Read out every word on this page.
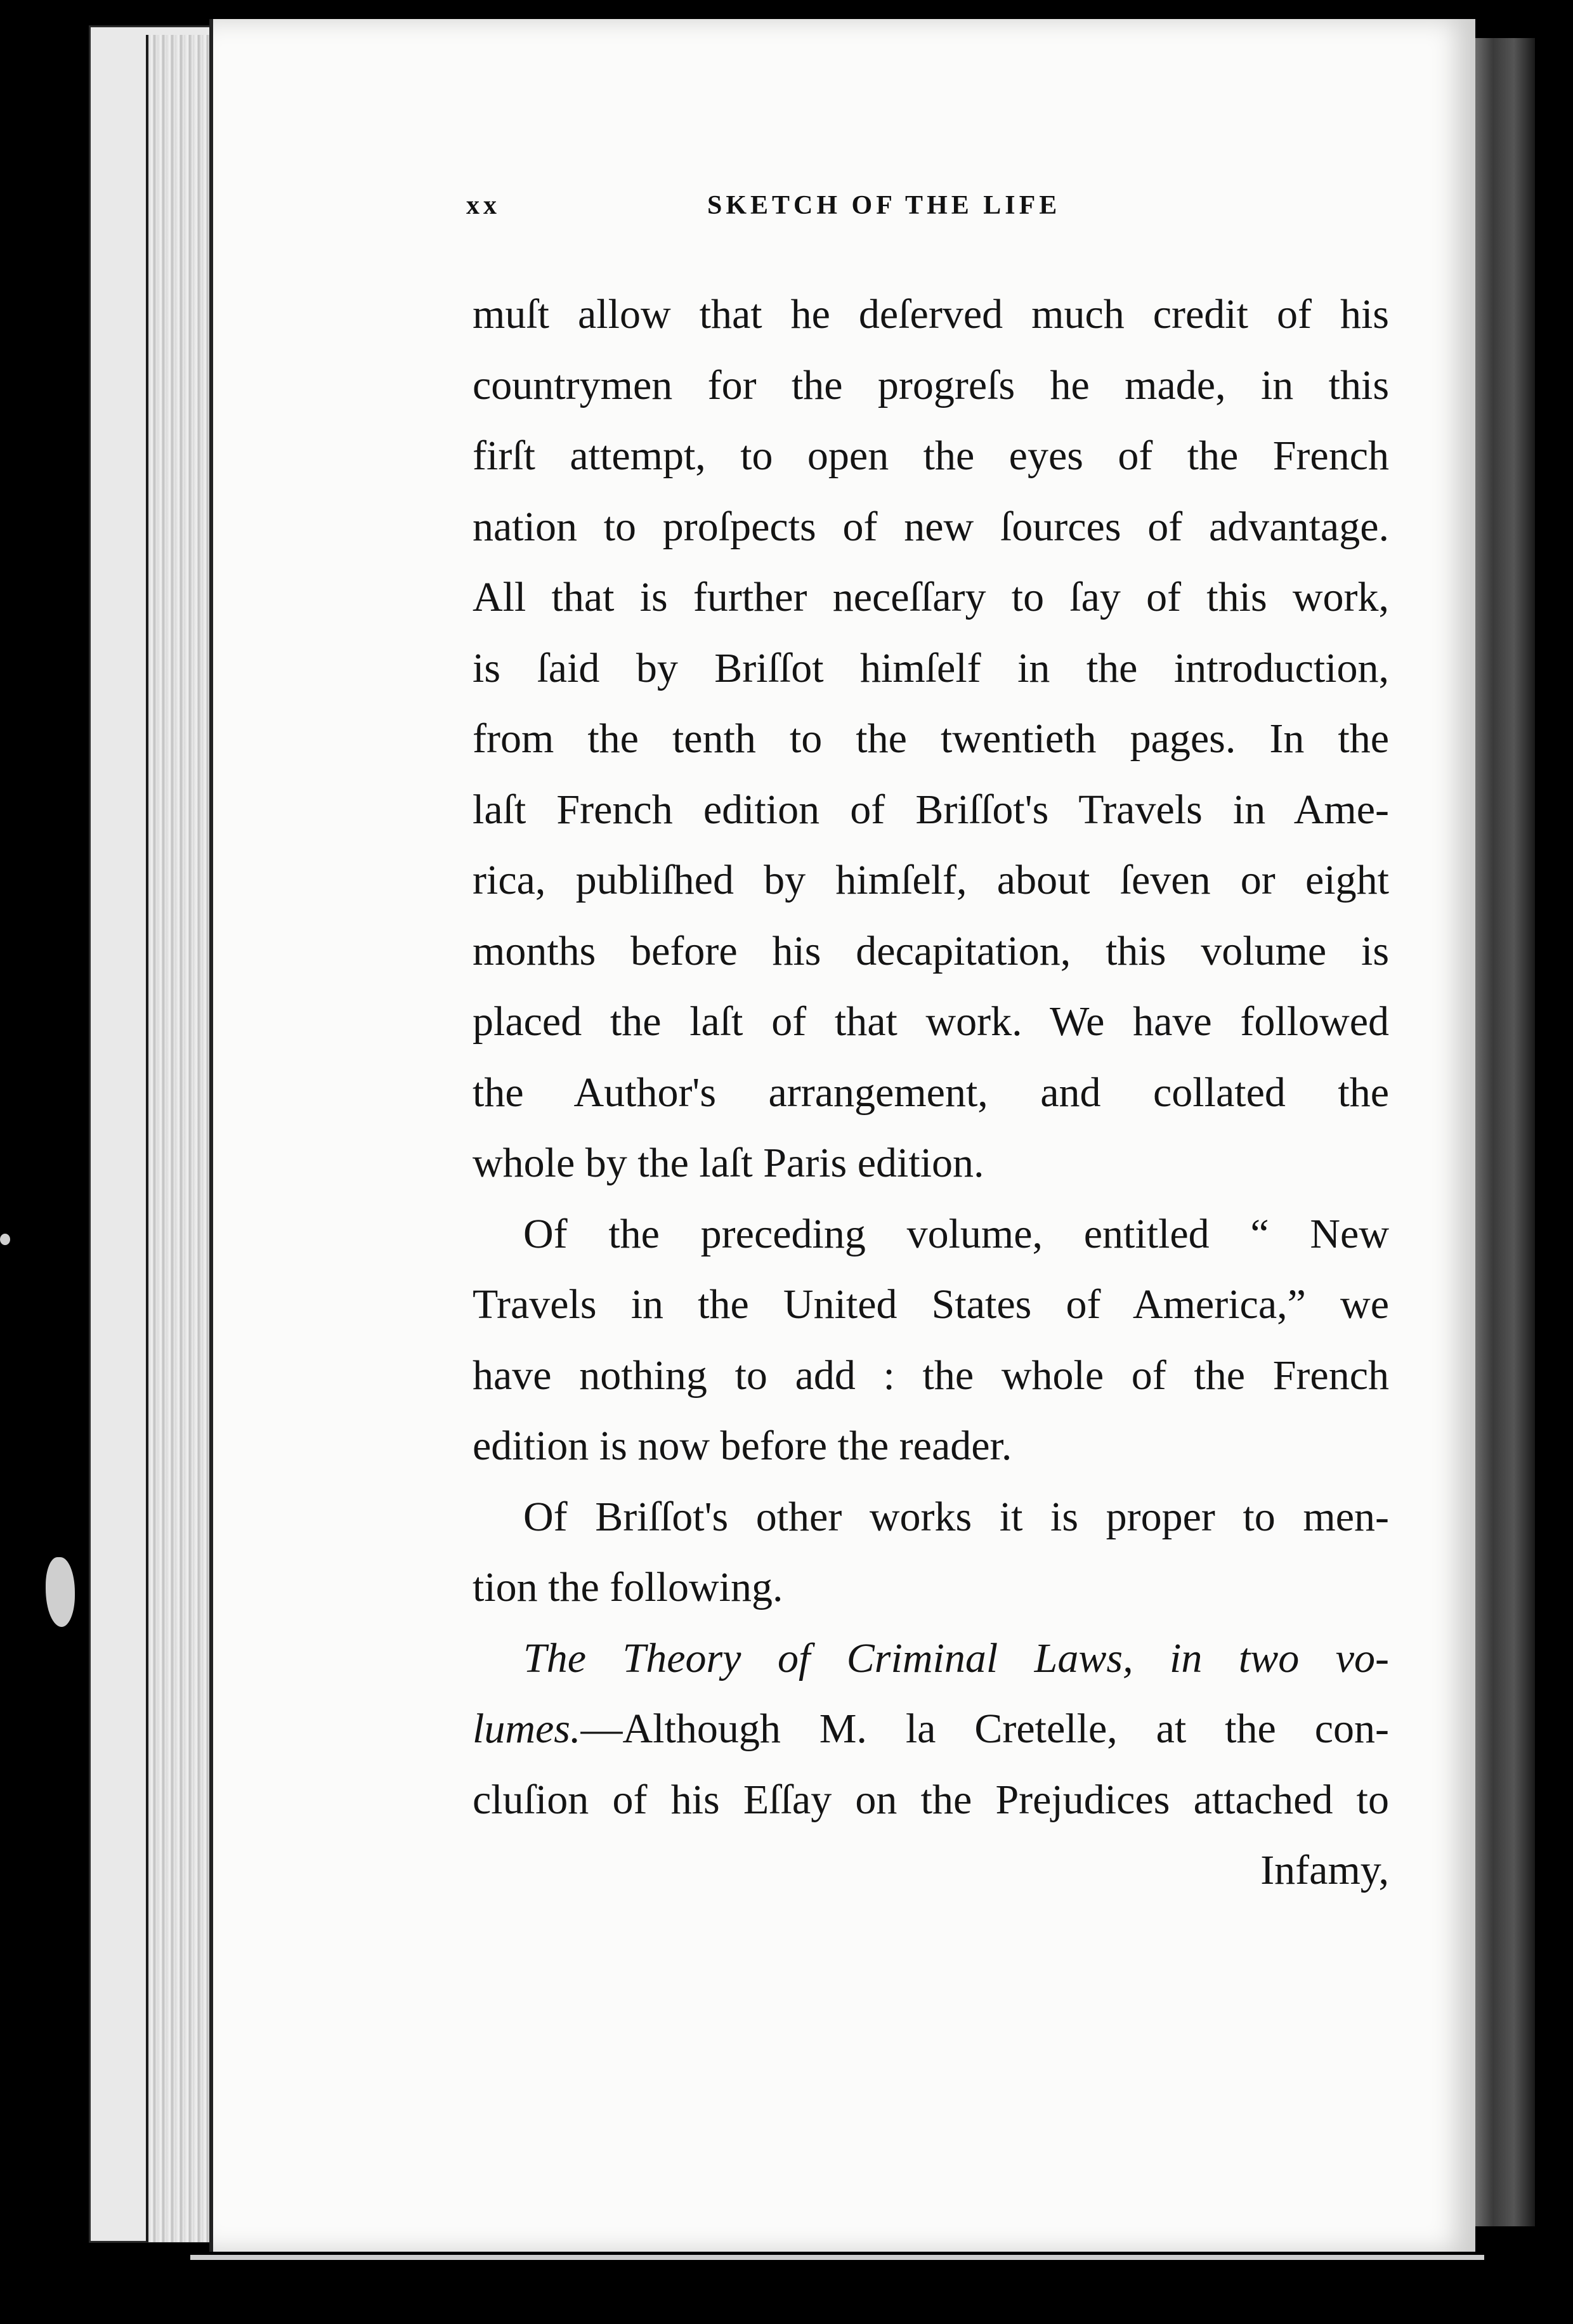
xx	SKETCH OF THE LIFE
muſt allow that he deſerved much credit of his
countrymen for the progreſs he made, in this
firſt attempt, to open the eyes of the French
nation to proſpects of new ſources of advantage.
All that is further neceſſary to ſay of this work,
is ſaid by Briſſot himſelf in the introduction,
from the tenth to the twentieth pages. In the
laſt French edition of Briſſot's Travels in Ame-
rica, publiſhed by himſelf, about ſeven or eight
months before his decapitation, this volume is
placed the laſt of that work. We have followed
the Author's arrangement, and collated the
whole by the laſt Paris edition.
Of the preceding volume, entitled “ New
Travels in the United States of America,” we
have nothing to add : the whole of the French
edition is now before the reader.
Of Briſſot's other works it is proper to men-
tion the following.
The Theory of Criminal Laws, in two vo-
lumes.—Although M. la Cretelle, at the con-
cluſion of his Eſſay on the Prejudices attached to
Infamy,
